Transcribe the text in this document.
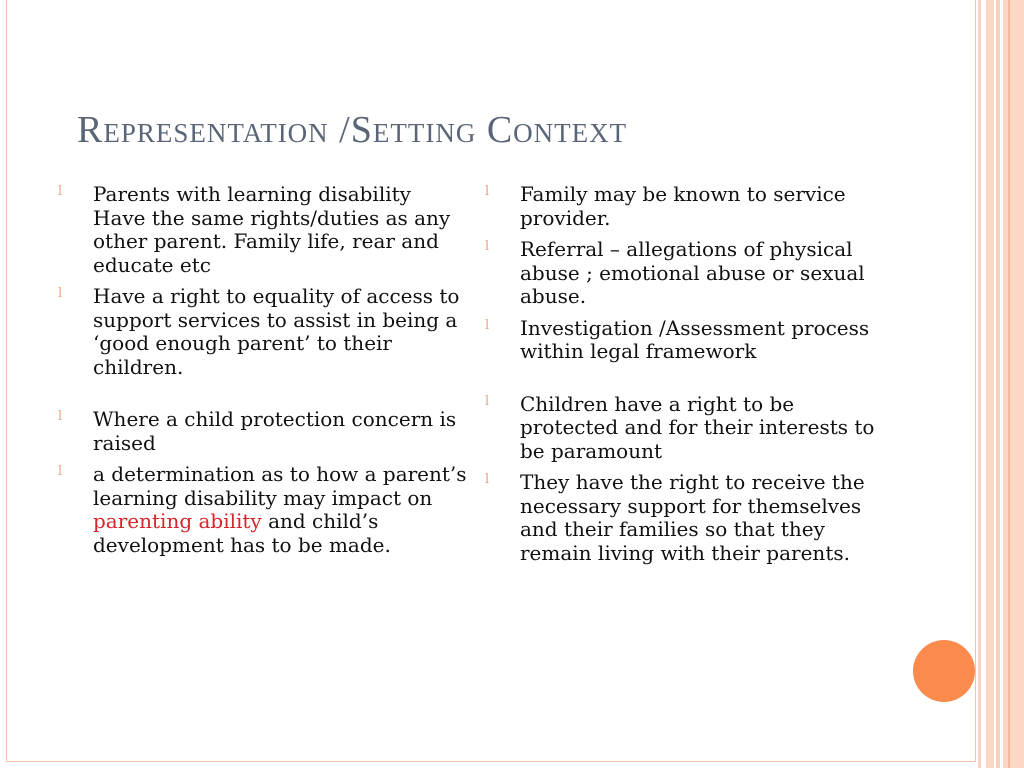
Representation /Setting Context
l	Parents with learning disability Have the same rights/duties as any other parent. Family life, rear and educate etc
l	Have a right to equality of access to support services to assist in being a ‘good enough parent’ to their children.
l	Where a child protection concern is raised
l	a determination as to how a parent’s learning disability may impact on parenting ability and child’s development has to be made.
l	Family may be known to service provider.
l	Referral – allegations of physical abuse ; emotional abuse or sexual abuse.
l	Investigation /Assessment process within legal framework
l	Children have a right to be protected and for their interests to be paramount
l	They have the right to receive the necessary support for themselves and their families so that they remain living with their parents.
